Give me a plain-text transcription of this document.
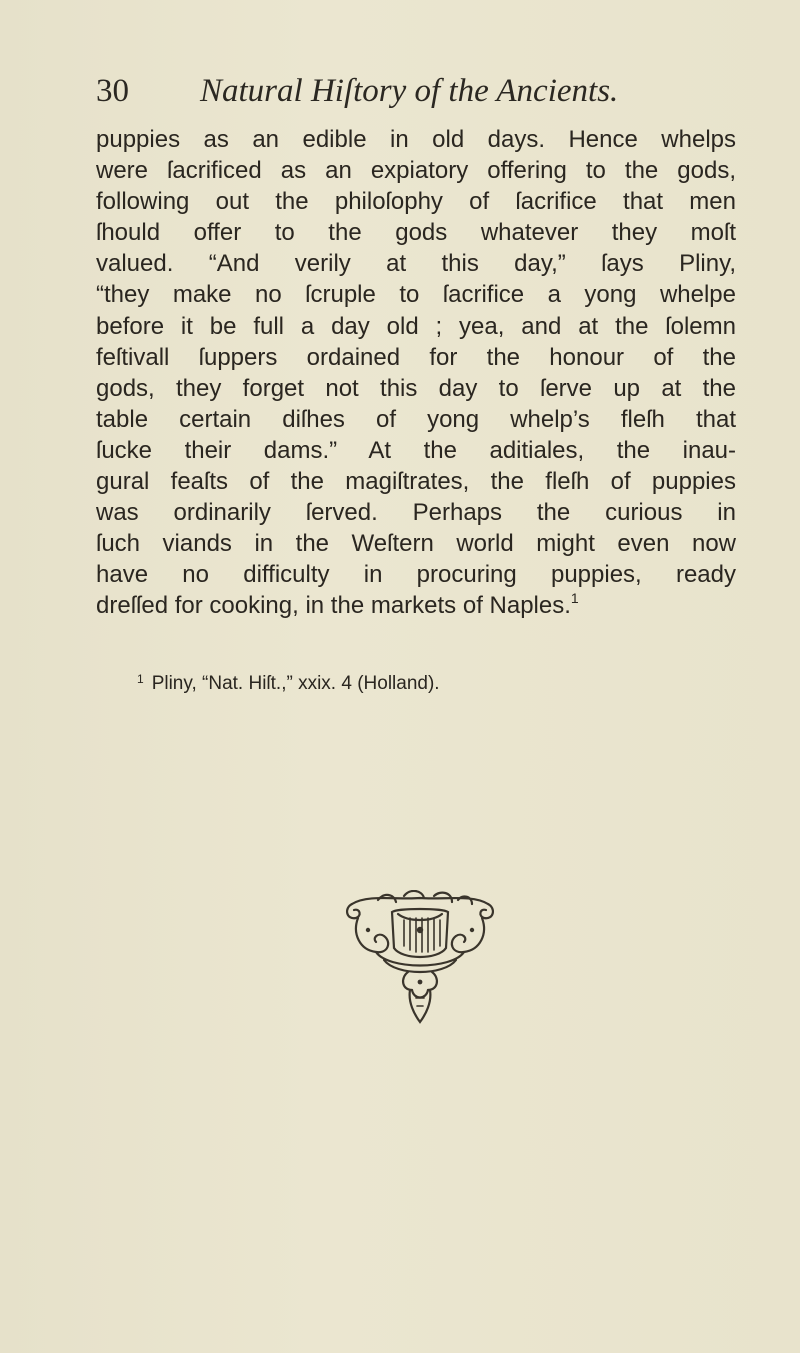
30 Natural Hiſtory of the Ancients.
puppies as an edible in old days. Hence whelps
were ſacrificed as an expiatory offering to the gods,
following out the philoſophy of ſacrifice that men
ſhould offer to the gods whatever they moſt
valued. “And verily at this day,” ſays Pliny,
“they make no ſcruple to ſacrifice a yong whelpe
before it be full a day old ; yea, and at the ſolemn
feſtivall ſuppers ordained for the honour of the
gods, they forget not this day to ſerve up at the
table certain diſhes of yong whelp’s fleſh that
ſucke their dams.” At the aditiales, the inau-
gural feaſts of the magiſtrates, the fleſh of puppies
was ordinarily ſerved. Perhaps the curious in
ſuch viands in the Weſtern world might even now
have no difficulty in procuring puppies, ready
dreſſed for cooking, in the markets of Naples.$^1$
$^1$ Pliny, “Nat. Hiſt.,” xxix. 4 (Holland).
